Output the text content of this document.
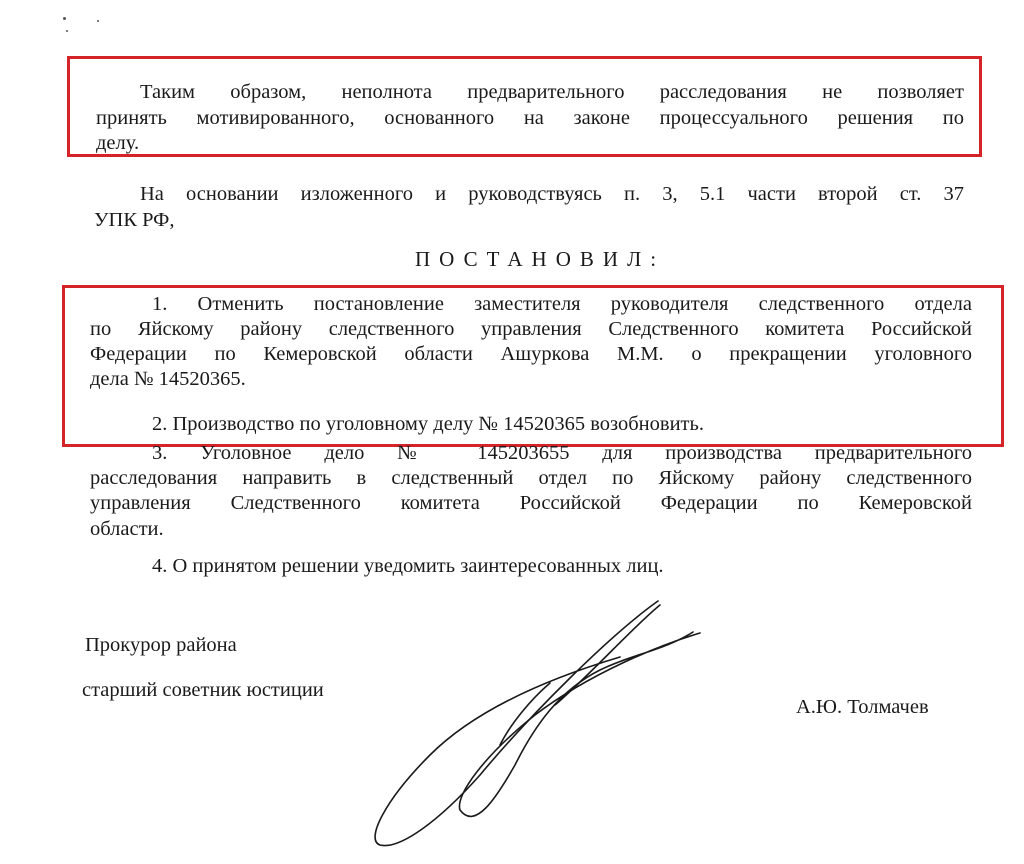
Таким образом, неполнота предварительного расследования не позволяет

принять мотивированного, основанного на законе процессуального решения по

делу.

На основании изложенного и руководствуясь п. 3, 5.1 части второй ст. 37

УПК РФ,

ПОСТАНОВИЛ:

1. Отменить постановление заместителя руководителя следственного отдела

по Яйскому району следственного управления Следственного комитета Российской

Федерации по Кемеровской области Ашуркова М.М. о прекращении уголовного

дела № 14520365.

2. Производство по уголовному делу № 14520365 возобновить.

3. Уголовное дело № 145203655 для производства предварительного

расследования направить в следственный отдел по Яйскому району следственного

управления Следственного комитета Российской Федерации по Кемеровской

области.

4. О принятом решении уведомить заинтересованных лиц.

Прокурор района

старший советник юстиции

А.Ю. Толмачев
